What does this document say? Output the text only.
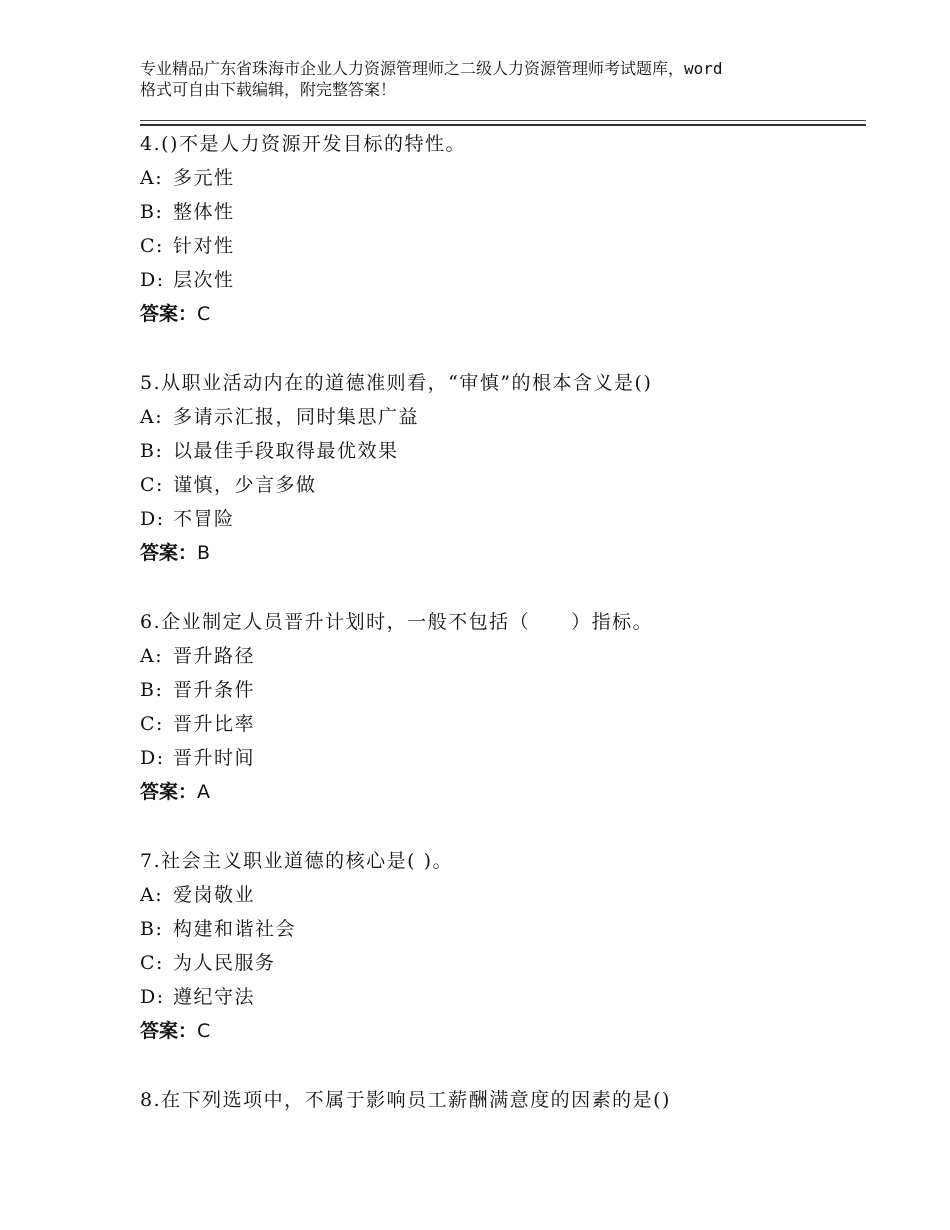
专业精品广东省珠海市企业人力资源管理师之二级人力资源管理师考试题库，word
格式可自由下载编辑，附完整答案！
4.()不是人力资源开发目标的特性。
A: 多元性
B: 整体性
C: 针对性
D: 层次性
答案：C
5.从职业活动内在的道德准则看，“审慎”的根本含义是()
A: 多请示汇报，同时集思广益
B: 以最佳手段取得最优效果
C: 谨慎，少言多做
D: 不冒险
答案：B
6.企业制定人员晋升计划时，一般不包括（　　）指标。
A: 晋升路径
B: 晋升条件
C: 晋升比率
D: 晋升时间
答案：A
7.社会主义职业道德的核心是( )。
A: 爱岗敬业
B: 构建和谐社会
C: 为人民服务
D: 遵纪守法
答案：C
8.在下列选项中，不属于影响员工薪酬满意度的因素的是()
